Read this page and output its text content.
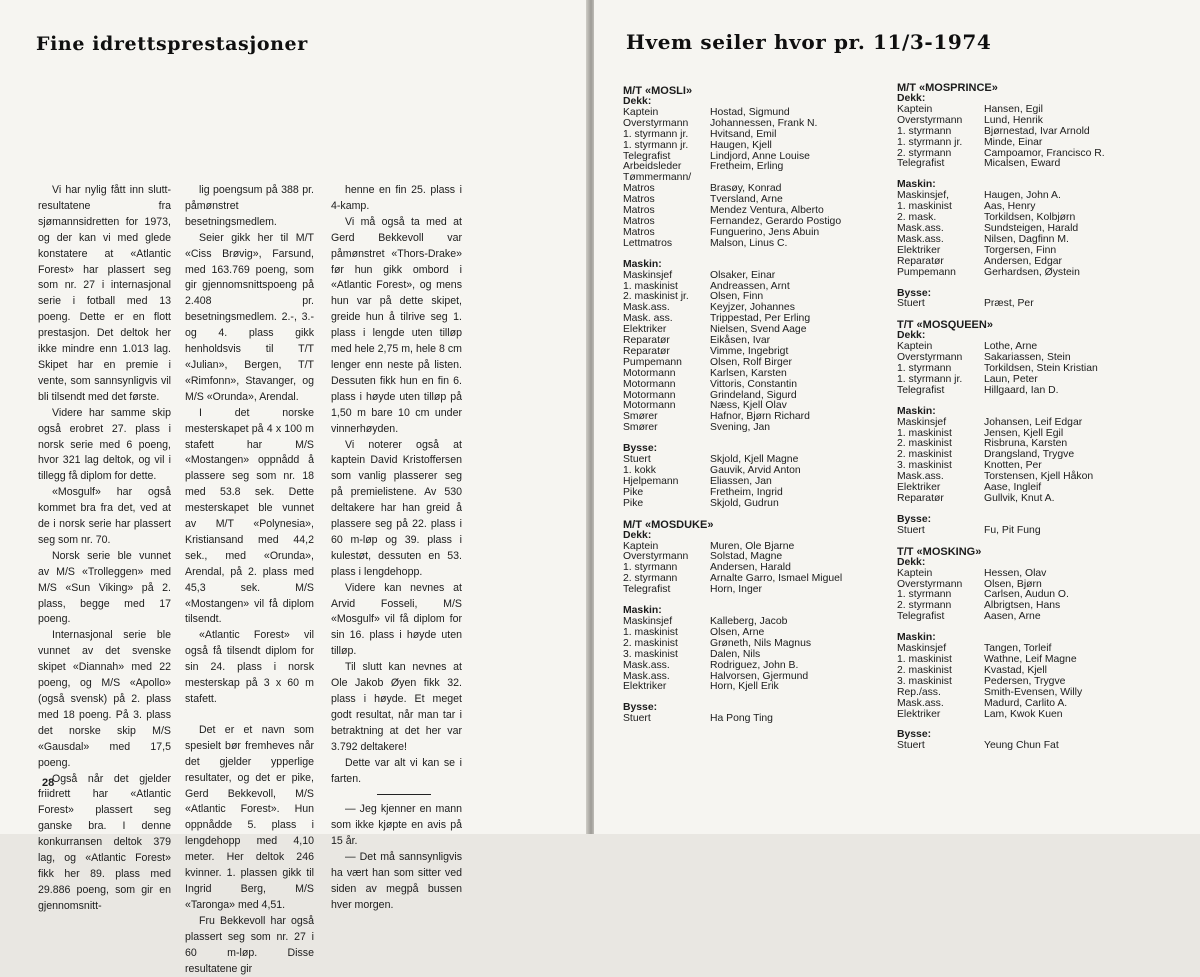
Fine idrettsprestasjoner

Vi har nylig fått inn slutt-resultatene fra sjømannsidretten for 1973, og der kan vi med glede konstatere at «Atlantic Forest» har plassert seg som nr. 27 i internasjonal serie i fotball med 13 poeng. Dette er en flott prestasjon. Det deltok her ikke mindre enn 1.013 lag. Skipet har en premie i vente, som sannsynligvis vil bli tilsendt med det første.

Videre har samme skip også erobret 27. plass i norsk serie med 6 poeng, hvor 321 lag deltok, og vil i tillegg få diplom for dette.

«Mosgulf» har også kommet bra fra det, ved at de i norsk serie har plassert seg som nr. 70.

Norsk serie ble vunnet av M/S «Trolleggen» med M/S «Sun Viking» på 2. plass, begge med 17 poeng.

Internasjonal serie ble vunnet av det svenske skipet «Diannah» med 22 poeng, og M/S «Apollo» (også svensk) på 2. plass med 18 poeng. På 3. plass det norske skip M/S «Gausdal» med 17,5 poeng.

Også når det gjelder friidrett har «Atlantic Forest» plassert seg ganske bra. I denne konkurransen deltok 379 lag, og «Atlantic Forest» fikk her 89. plass med 29.886 poeng, som gir en gjennomsnitt-

lig poengsum på 388 pr. påmønstret besetningsmedlem.

Seier gikk her til M/T «Ciss Brøvig», Farsund, med 163.769 poeng, som gir gjennomsnittspoeng på 2.408 pr. besetningsmedlem. 2.-, 3.- og 4. plass gikk henholdsvis til T/T «Julian», Bergen, T/T «Rimfonn», Stavanger, og M/S «Orunda», Arendal.

I det norske mesterskapet på 4 x 100 m stafett har M/S «Mostangen» oppnådd å plassere seg som nr. 18 med 53.8 sek. Dette mesterskapet ble vunnet av M/T «Polynesia», Kristiansand med 44,2 sek., med «Orunda», Arendal, på 2. plass med 45,3 sek. M/S «Mostangen» vil få diplom tilsendt.

«Atlantic Forest» vil også få tilsendt diplom for sin 24. plass i norsk mesterskap på 3 x 60 m stafett.

Det er et navn som spesielt bør fremheves når det gjelder ypperlige resultater, og det er pike, Gerd Bekkevoll, M/S «Atlantic Forest». Hun oppnådde 5. plass i lengdehopp med 4,10 meter. Her deltok 246 kvinner. 1. plassen gikk til Ingrid Berg, M/S «Taronga» med 4,51.

Fru Bekkevoll har også plassert seg som nr. 27 i 60 m-løp. Disse resultatene gir

henne en fin 25. plass i 4-kamp.

Vi må også ta med at Gerd Bekkevoll var påmønstret «Thors-Drake» før hun gikk ombord i «Atlantic Forest», og mens hun var på dette skipet, greide hun å tilrive seg 1. plass i lengde uten tilløp med hele 2,75 m, hele 8 cm lenger enn neste på listen. Dessuten fikk hun en fin 6. plass i høyde uten tilløp på 1,50 m bare 10 cm under vinnerhøyden.

Vi noterer også at kaptein David Kristoffersen som vanlig plasserer seg på premielistene. Av 530 deltakere har han greid å plassere seg på 22. plass i 60 m-løp og 39. plass i kulestøt, dessuten en 53. plass i lengdehopp.

Videre kan nevnes at Arvid Fosseli, M/S «Mosgulf» vil få diplom for sin 16. plass i høyde uten tilløp.

Til slutt kan nevnes at Ole Jakob Øyen fikk 32. plass i høyde. Et meget godt resultat, når man tar i betraktning at det her var 3.792 deltakere!

Dette var alt vi kan se i farten.

— Jeg kjenner en mann som ikke kjøpte en avis på 15 år.

— Det må sannsynligvis ha vært han som sitter ved siden av megpå bussen hver morgen.

28
Hvem seiler hvor pr. 11/3-1974
M/T «MOSLI»
Dekk:
Kaptein	Hostad, Sigmund
Overstyrmann	Johannessen, Frank N.
1. styrmann jr.	Hvitsand, Emil
1. styrmann jr.	Haugen, Kjell
Telegrafist	Lindjord, Anne Louise
Arbeidsleder	Fretheim, Erling
Tømmermann/
Matros	Brasøy, Konrad
Matros	Tversland, Arne
Matros	Mendez Ventura, Alberto
Matros	Fernandez, Gerardo Postigo
Matros	Funguerino, Jens Abuin
Lettmatros	Malson, Linus C.
Maskin:
Maskinsjef	Olsaker, Einar
1. maskinist	Andreassen, Arnt
2. maskinist jr.	Olsen, Finn
Mask.ass.	Keyjzer, Johannes
Mask. ass.	Trippestad, Per Erling
Elektriker	Nielsen, Svend Aage
Reparatør	Eikåsen, Ivar
Reparatør	Vimme, Ingebrigt
Pumpemann	Olsen, Rolf Birger
Motormann	Karlsen, Karsten
Motormann	Vittoris, Constantin
Motormann	Grindeland, Sigurd
Motormann	Næss, Kjell Olav
Smører	Hafnor, Bjørn Richard
Smører	Svening, Jan
Bysse:
Stuert	Skjold, Kjell Magne
1. kokk	Gauvik, Arvid Anton
Hjelpemann	Eliassen, Jan
Pike	Fretheim, Ingrid
Pike	Skjold, Gudrun
M/T «MOSDUKE»
Dekk:
Kaptein	Muren, Ole Bjarne
Overstyrmann	Solstad, Magne
1. styrmann	Andersen, Harald
2. styrmann	Arnalte Garro, Ismael Miguel
Telegrafist	Horn, Inger
Maskin:
Maskinsjef	Kalleberg, Jacob
1. maskinist	Olsen, Arne
2. maskinist	Grøneth, Nils Magnus
3. maskinist	Dalen, Nils
Mask.ass.	Rodriguez, John B.
Mask.ass.	Halvorsen, Gjermund
Elektriker	Horn, Kjell Erik
Bysse:
Stuert	Ha Pong Ting
M/T «MOSPRINCE»
Dekk:
Kaptein	Hansen, Egil
Overstyrmann	Lund, Henrik
1. styrmann	Bjørnestad, Ivar Arnold
1. styrmann jr.	Minde, Einar
2. styrmann	Campoamor, Francisco R.
Telegrafist	Micalsen, Eward
Maskin:
Maskinsjef,	Haugen, John A.
1. maskinist	Aas, Henry
2. mask.	Torkildsen, Kolbjørn
Mask.ass.	Sundsteigen, Harald
Mask.ass.	Nilsen, Dagfinn M.
Elektriker	Torgersen, Finn
Reparatør	Andersen, Edgar
Pumpemann	Gerhardsen, Øystein
Bysse:
Stuert	Præst, Per
T/T «MOSQUEEN»
Dekk:
Kaptein	Lothe, Arne
Overstyrmann	Sakariassen, Stein
1. styrmann	Torkildsen, Stein Kristian
1. styrmann jr.	Laun, Peter
Telegrafist	Hillgaard, Ian D.
Maskin:
Maskinsjef	Johansen, Leif Edgar
1. maskinist	Jensen, Kjell Egil
2. maskinist	Risbruna, Karsten
2. maskinist	Drangsland, Trygve
3. maskinist	Knotten, Per
Mask.ass.	Torstensen, Kjell Håkon
Elektriker	Aase, Ingleif
Reparatør	Gullvik, Knut A.
Bysse:
Stuert	Fu, Pit Fung
T/T «MOSKING»
Dekk:
Kaptein	Hessen, Olav
Overstyrmann	Olsen, Bjørn
1. styrmann	Carlsen, Audun O.
2. styrmann	Albrigtsen, Hans
Telegrafist	Aasen, Arne
Maskin:
Maskinsjef	Tangen, Torleif
1. maskinist	Wathne, Leif Magne
2. maskinist	Kvastad, Kjell
3. maskinist	Pedersen, Trygve
Rep./ass.	Smith-Evensen, Willy
Mask.ass.	Madurd, Carlito A.
Elektriker	Lam, Kwok Kuen
Bysse:
Stuert	Yeung Chun Fat
